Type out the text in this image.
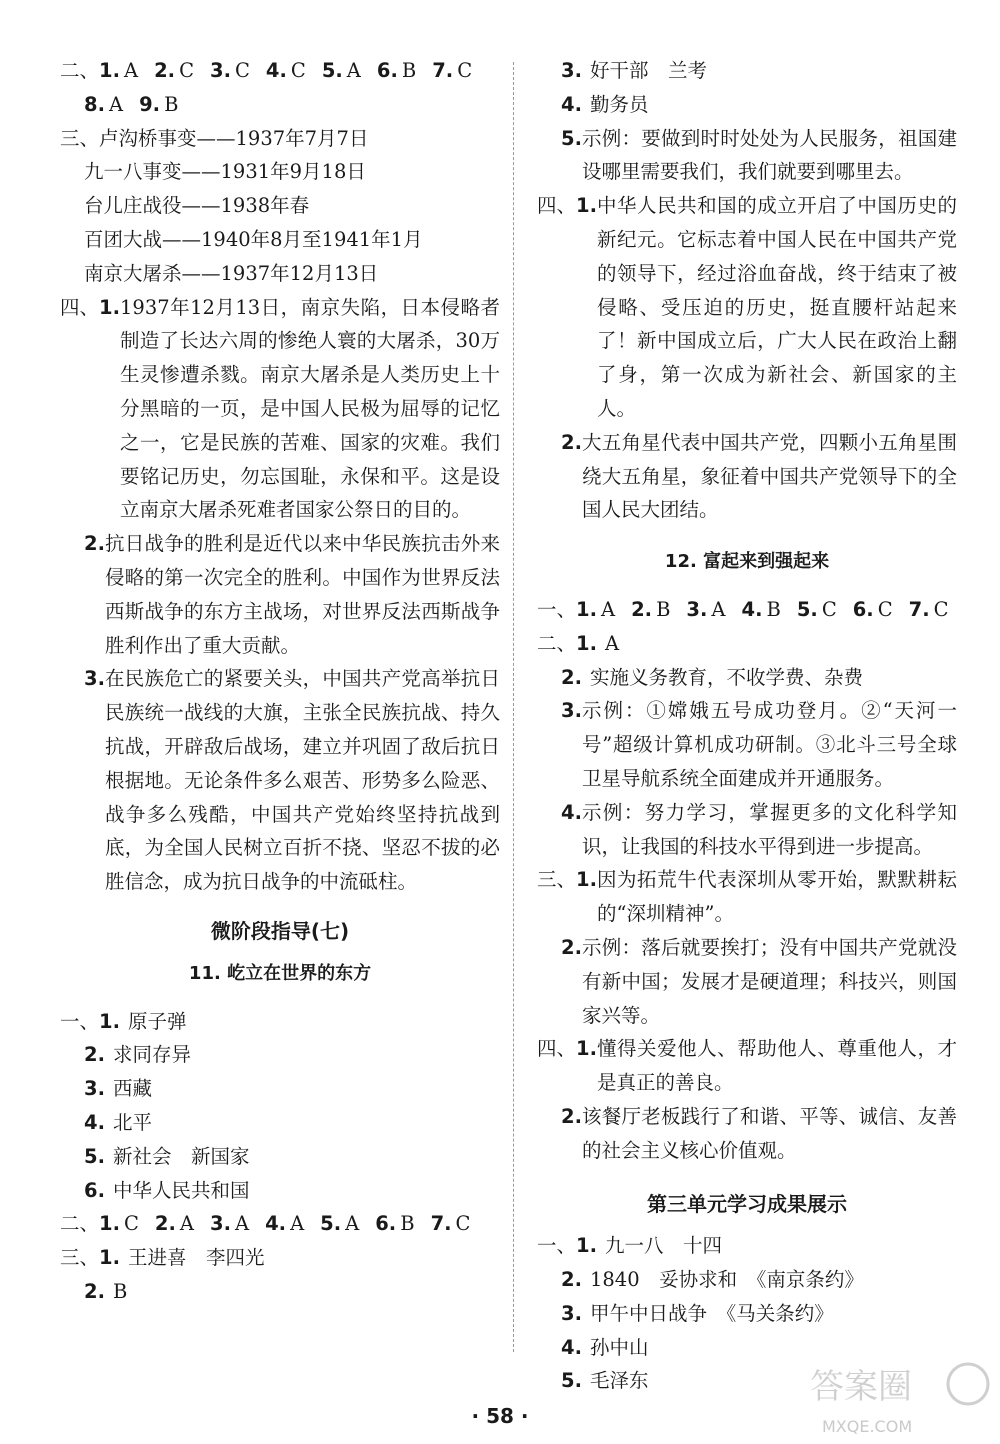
二、 1. A 2. C 3. C 4. C 5. A 6. B 7. C
8. A 9. B
三、 卢沟桥事变——1937年7月7日
九一八事变——1931年9月18日
台儿庄战役——1938年春
百团大战——1940年8月至1941年1月
南京大屠杀——1937年12月13日
四、1. 1937年12月13日，南京失陷，日本侵略者制造了长达六周的惨绝人寰的大屠杀，30万生灵惨遭杀戮。南京大屠杀是人类历史上十分黑暗的一页，是中国人民极为屈辱的记忆之一，它是民族的苦难、国家的灾难。我们要铭记历史，勿忘国耻，永保和平。这是设立南京大屠杀死难者国家公祭日的目的。
2. 抗日战争的胜利是近代以来中华民族抗击外来侵略的第一次完全的胜利。中国作为世界反法西斯战争的东方主战场，对世界反法西斯战争胜利作出了重大贡献。
3. 在民族危亡的紧要关头，中国共产党高举抗日民族统一战线的大旗，主张全民族抗战、持久抗战，开辟敌后战场，建立并巩固了敌后抗日根据地。无论条件多么艰苦、形势多么险恶、战争多么残酷，中国共产党始终坚持抗战到底，为全国人民树立百折不挠、坚忍不拔的必胜信念，成为抗日战争的中流砥柱。
微阶段指导(七)
11. 屹立在世界的东方
一、1. 原子弹
2. 求同存异
3. 西藏
4. 北平
5. 新社会　新国家
6. 中华人民共和国
二、 1. C 2. A 3. A 4. A 5. A 6. B 7. C
三、1. 王进喜　李四光
2. B
3. 好干部　兰考
4. 勤务员
5. 示例：要做到时时处处为人民服务，祖国建设哪里需要我们，我们就要到哪里去。
四、1. 中华人民共和国的成立开启了中国历史的新纪元。它标志着中国人民在中国共产党的领导下，经过浴血奋战，终于结束了被侵略、受压迫的历史，挺直腰杆站起来了！新中国成立后，广大人民在政治上翻了身，第一次成为新社会、新国家的主人。
2. 大五角星代表中国共产党，四颗小五角星围绕大五角星，象征着中国共产党领导下的全国人民大团结。
12. 富起来到强起来
一、 1. A 2. B 3. A 4. B 5. C 6. C 7. C
二、1. A
2. 实施义务教育，不收学费、杂费
3. 示例：①嫦娥五号成功登月。②“天河一号”超级计算机成功研制。③北斗三号全球卫星导航系统全面建成并开通服务。
4. 示例：努力学习，掌握更多的文化科学知识，让我国的科技水平得到进一步提高。
三、1. 因为拓荒牛代表深圳从零开始，默默耕耘的“深圳精神”。
2. 示例：落后就要挨打；没有中国共产党就没有新中国；发展才是硬道理；科技兴，则国家兴等。
四、1. 懂得关爱他人、帮助他人、尊重他人，才是真正的善良。
2. 该餐厅老板践行了和谐、平等、诚信、友善的社会主义核心价值观。
第三单元学习成果展示
一、1. 九一八　十四
2. 1840　妥协求和　《南京条约》
3. 甲午中日战争　《马关条约》
4. 孙中山
5. 毛泽东
· 58 ·
答案圈
MXQE.COM
